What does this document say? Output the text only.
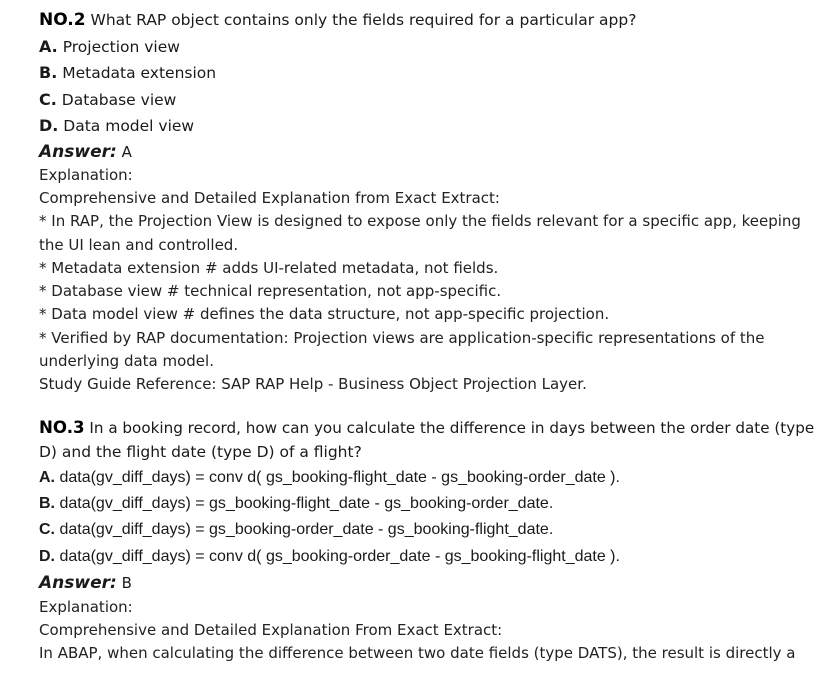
NO.2 What RAP object contains only the fields required for a particular app?
A. Projection view
B. Metadata extension
C. Database view
D. Data model view
Answer: A
Explanation:
Comprehensive and Detailed Explanation from Exact Extract:
* In RAP, the Projection View is designed to expose only the fields relevant for a specific app, keeping
the UI lean and controlled.
* Metadata extension # adds UI-related metadata, not fields.
* Database view # technical representation, not app-specific.
* Data model view # defines the data structure, not app-specific projection.
* Verified by RAP documentation: Projection views are application-specific representations of the
underlying data model.
Study Guide Reference: SAP RAP Help - Business Object Projection Layer.
NO.3 In a booking record, how can you calculate the difference in days between the order date (type
D) and the flight date (type D) of a flight?
A. data(gv_diff_days) = conv d( gs_booking-flight_date - gs_booking-order_date ).
B. data(gv_diff_days) = gs_booking-flight_date - gs_booking-order_date.
C. data(gv_diff_days) = gs_booking-order_date - gs_booking-flight_date.
D. data(gv_diff_days) = conv d( gs_booking-order_date - gs_booking-flight_date ).
Answer: B
Explanation:
Comprehensive and Detailed Explanation From Exact Extract:
In ABAP, when calculating the difference between two date fields (type DATS), the result is directly a
